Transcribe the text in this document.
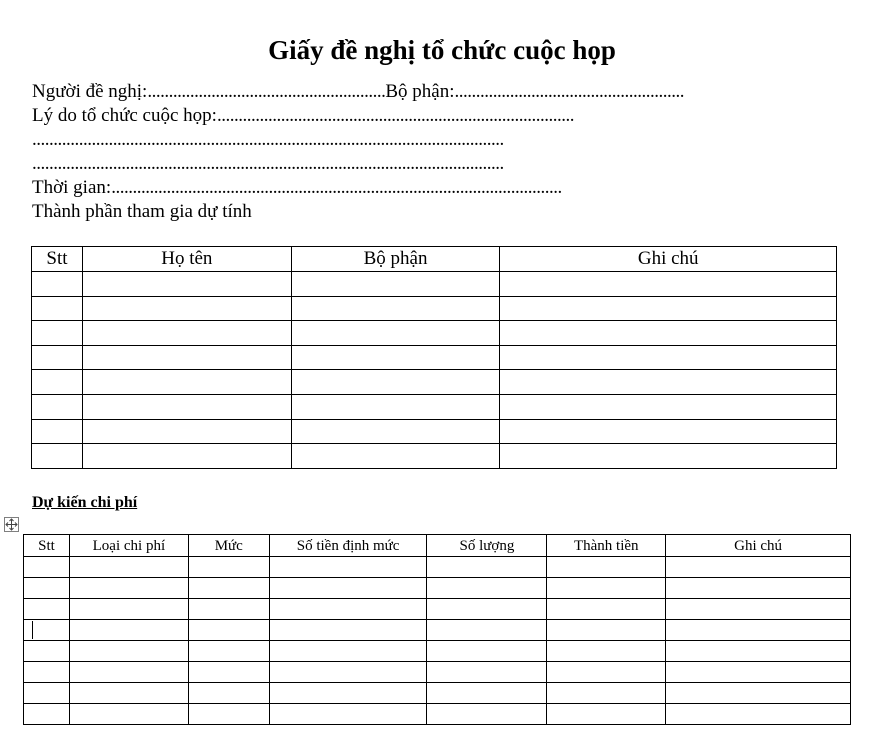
Giấy đề nghị tổ chức cuộc họp
Người đề nghị:........................................................Bộ phận:......................................................
Lý do tổ chức cuộc họp:....................................................................................
...............................................................................................................
...............................................................................................................
Thời gian:..........................................................................................................
Thành phần tham gia dự tính
Stt	Họ tên	Bộ phận	Ghi chú

Dự kiến chi phí
Stt	Loại chi phí	Mức	Số tiền định mức	Số lượng	Thành tiền	Ghi chú
